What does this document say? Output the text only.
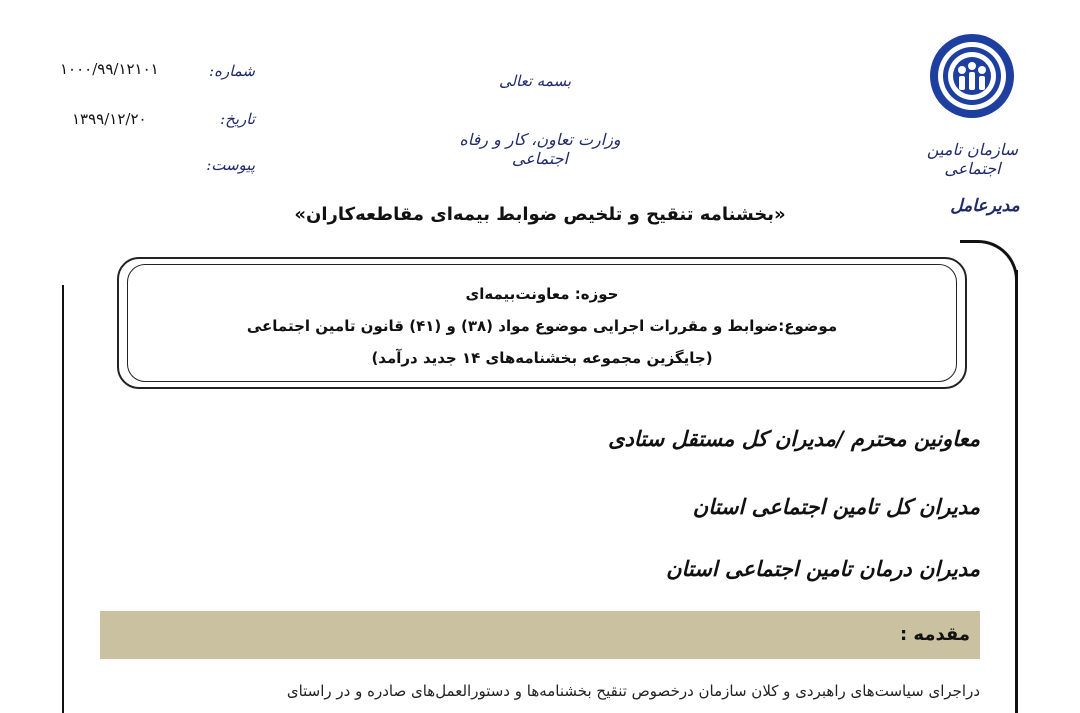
سازمان تامین اجتماعی
مدیرعامل
بسمه تعالی
وزارت تعاون، کار و رفاه اجتماعی
شماره:
۱۰۰۰/۹۹/۱۲۱۰۱
تاریخ:
۱۳۹۹/۱۲/۲۰
پیوست:
«بخشنامه تنقیح و تلخیص ضوابط بیمه‌ای مقاطعه‌کاران»
حوزه: معاونت‌بیمه‌ای
موضوع:ضوابط و مقررات اجرایی موضوع مواد (۳۸) و (۴۱) قانون تامین اجتماعی
(جایگزین مجموعه بخشنامه‌های ۱۴ جدید درآمد)
معاونین محترم /مدیران کل مستقل ستادی
مدیران کل تامین اجتماعی استان
مدیران درمان تامین اجتماعی استان
مقدمه :
دراجرای سیاست‌های راهبردی و کلان سازمان درخصوص تنقیح بخشنامه‌ها و دستورالعمل‌های صادره و در راستای
